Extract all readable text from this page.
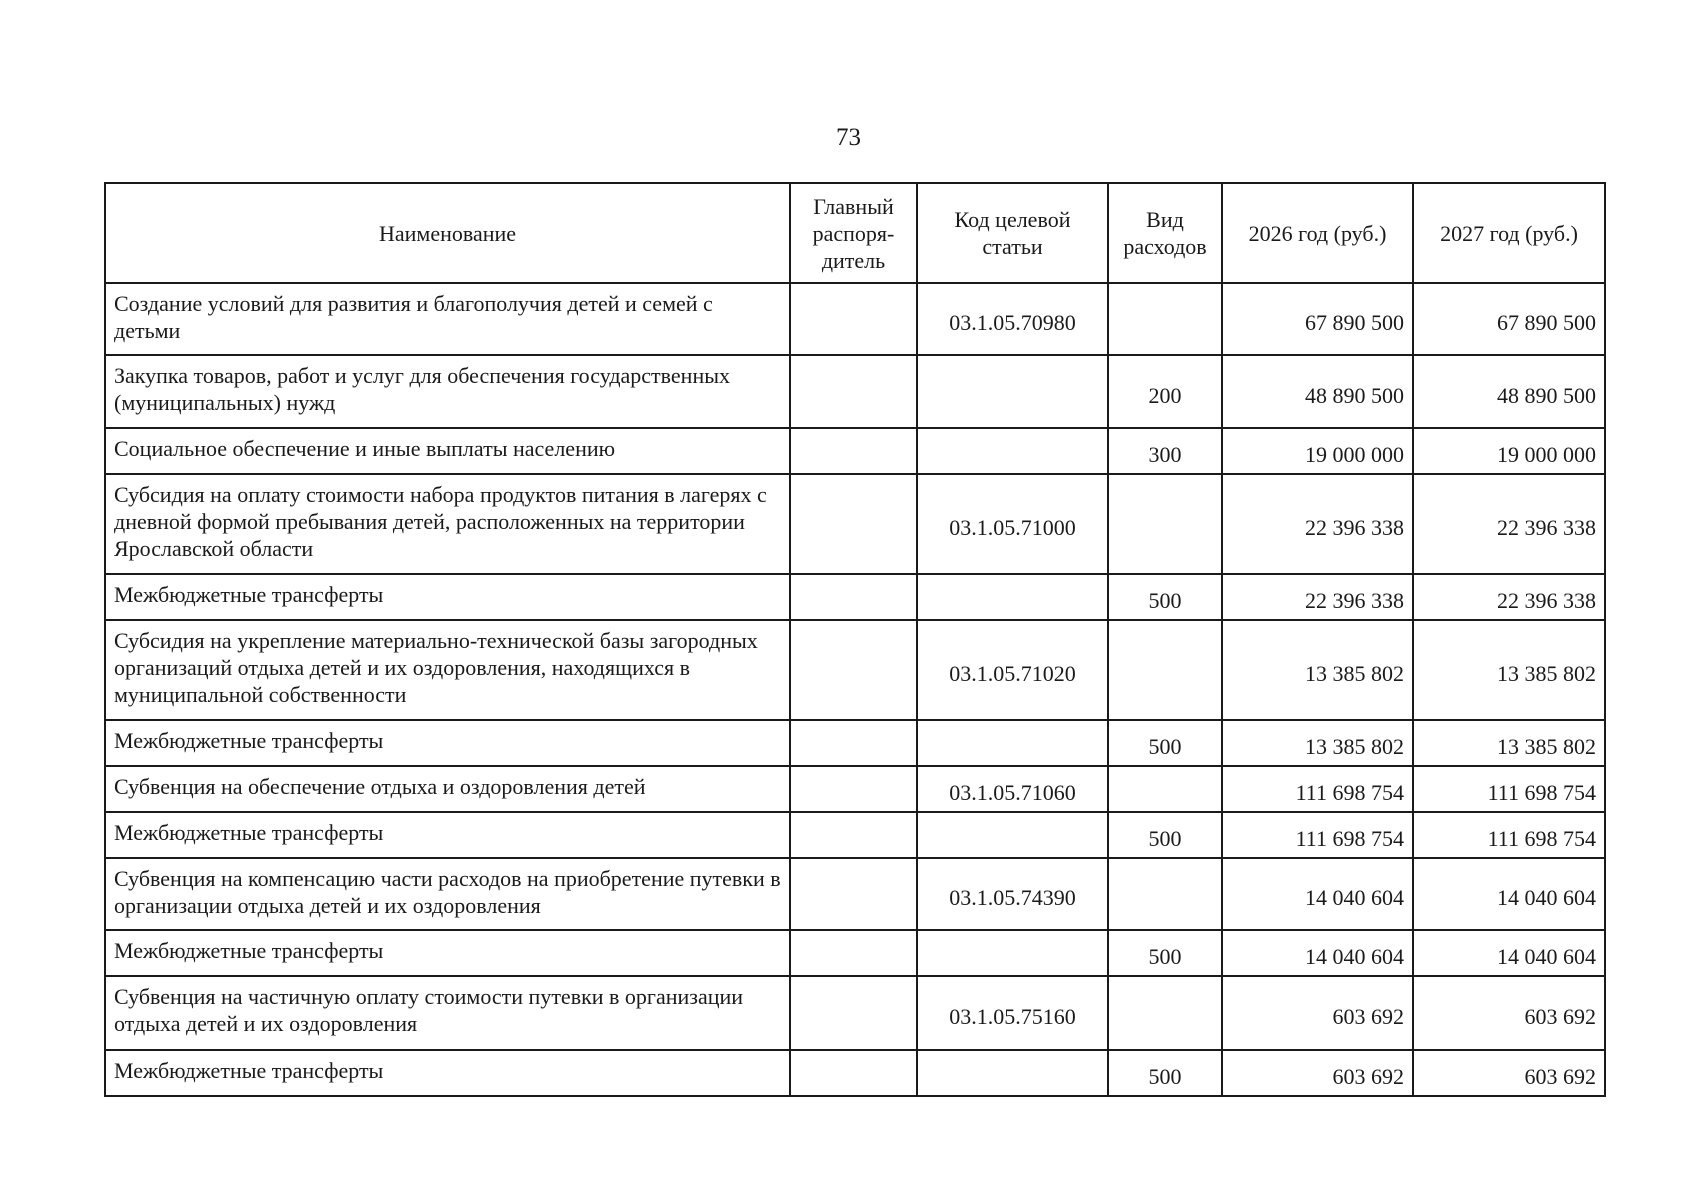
73
Наименование	Главный распоря-дитель	Код целевой статьи	Вид расходов	2026 год (руб.)	2027 год (руб.)
Создание условий для развития и благополучия детей и семей с детьми		03.1.05.70980		67 890 500	67 890 500
Закупка товаров, работ и услуг для обеспечения государственных (муниципальных) нужд			200	48 890 500	48 890 500
Социальное обеспечение и иные выплаты населению			300	19 000 000	19 000 000
Субсидия на оплату стоимости набора продуктов питания в лагерях с дневной формой пребывания детей, расположенных на территории Ярославской области		03.1.05.71000		22 396 338	22 396 338
Межбюджетные трансферты			500	22 396 338	22 396 338
Субсидия на укрепление материально-технической базы загородных организаций отдыха детей и их оздоровления, находящихся в муниципальной собственности		03.1.05.71020		13 385 802	13 385 802
Межбюджетные трансферты			500	13 385 802	13 385 802
Субвенция на обеспечение отдыха и оздоровления детей		03.1.05.71060		111 698 754	111 698 754
Межбюджетные трансферты			500	111 698 754	111 698 754
Субвенция на компенсацию части расходов на приобретение путевки в организации отдыха детей и их оздоровления		03.1.05.74390		14 040 604	14 040 604
Межбюджетные трансферты			500	14 040 604	14 040 604
Субвенция на частичную оплату стоимости путевки в организации отдыха детей и их оздоровления		03.1.05.75160		603 692	603 692
Межбюджетные трансферты			500	603 692	603 692
